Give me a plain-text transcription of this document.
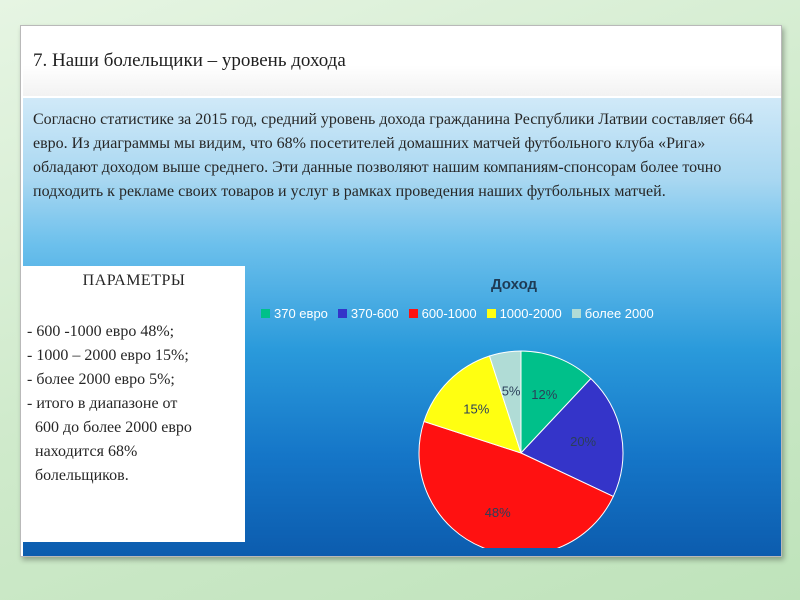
7. Наши болельщики – уровень дохода

Согласно статистике за 2015 год, средний уровень дохода гражданина Республики Латвии составляет 664 евро. Из диаграммы мы видим, что 68% посетителей домашних матчей футбольного клуба «Рига» обладают доходом выше среднего. Эти данные позволяют нашим компаниям-спонсорам более точно подходить к рекламе своих товаров и услуг в рамках проведения наших футбольных матчей.

ПАРАМЕТРЫ
- 600 -1000 евро 48%;
- 1000 – 2000 евро 15%;
- более 2000 евро 5%;
- итого в диапазоне от
600 до более 2000 евро
находится 68%
болельщиков.
12%
20%
48%
15%
5%
Доход
370 евро 370-600 600-1000 1000-2000 более 2000
